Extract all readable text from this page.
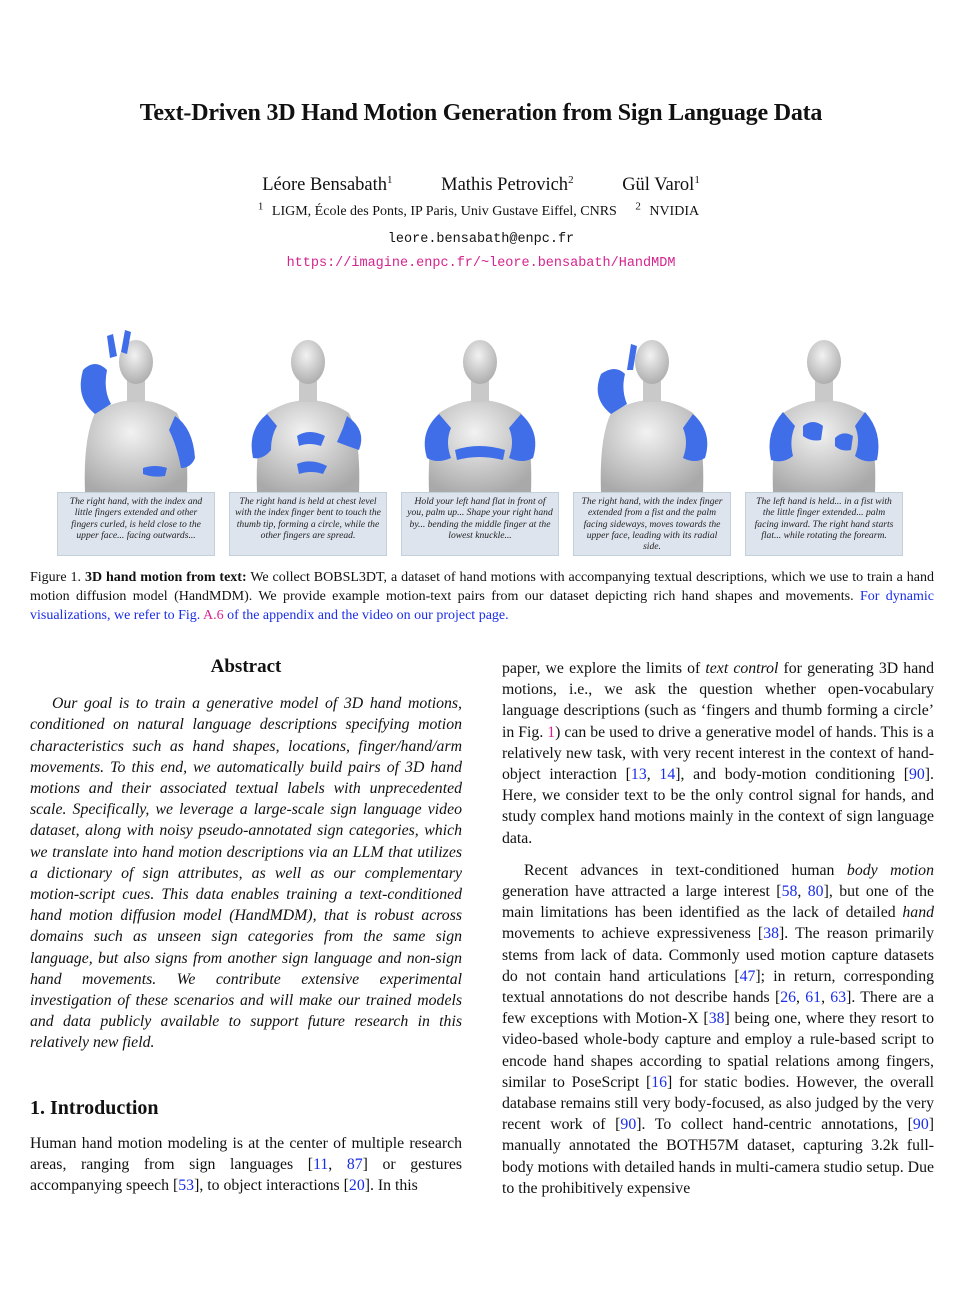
Text-Driven 3D Hand Motion Generation from Sign Language Data
Léore Bensabath$^1$	Mathis Petrovich$^2$	Gül Varol$^1$
$^1$ LIGM, École des Ponts, IP Paris, Univ Gustave Eiffel, CNRS $^2$ NVIDIA
leore.bensabath@enpc.fr
https://imagine.enpc.fr/~leore.bensabath/HandMDM
The right hand, with the index and little fingers extended and other fingers curled, is held close to the upper face... facing outwards...
The right hand is held at chest level with the index finger bent to touch the thumb tip, forming a circle, while the other fingers are spread.
Hold your left hand flat in front of you, palm up... Shape your right hand by... bending the middle finger at the lowest knuckle...
The right hand, with the index finger extended from a fist and the palm facing sideways, moves towards the upper face, leading with its radial side.
The left hand is held... in a fist with the little finger extended... palm facing inward. The right hand starts flat... while rotating the forearm.
Figure 1. 3D hand motion from text: We collect BOBSL3DT, a dataset of hand motions with accompanying textual descriptions, which we use to train a hand motion diffusion model (HandMDM). We provide example motion-text pairs from our dataset depicting rich hand shapes and movements. For dynamic visualizations, we refer to Fig. A.6 of the appendix and the video on our project page.
Abstract

Our goal is to train a generative model of 3D hand motions, conditioned on natural language descriptions specifying motion characteristics such as hand shapes, locations, finger/hand/arm movements. To this end, we automatically build pairs of 3D hand motions and their associated textual labels with unprecedented scale. Specifically, we leverage a large-scale sign language video dataset, along with noisy pseudo-annotated sign categories, which we translate into hand motion descriptions via an LLM that utilizes a dictionary of sign attributes, as well as our complementary motion-script cues. This data enables training a text-conditioned hand motion diffusion model (HandMDM), that is robust across domains such as unseen sign categories from the same sign language, but also signs from another sign language and non-sign hand movements. We contribute extensive experimental investigation of these scenarios and will make our trained models and data publicly available to support future research in this relatively new field.

1. Introduction

Human hand motion modeling is at the center of multiple research areas, ranging from sign languages [11, 87] or gestures accompanying speech [53], to object interactions [20]. In this

paper, we explore the limits of text control for generating 3D hand motions, i.e., we ask the question whether open-vocabulary language descriptions (such as ‘fingers and thumb forming a circle’ in Fig. 1) can be used to drive a generative model of hands. This is a relatively new task, with very recent interest in the context of hand-object interaction [13, 14], and body-motion conditioning [90]. Here, we consider text to be the only control signal for hands, and study complex hand motions mainly in the context of sign language data.

Recent advances in text-conditioned human body motion generation have attracted a large interest [58, 80], but one of the main limitations has been identified as the lack of detailed hand movements to achieve expressiveness [38]. The reason primarily stems from lack of data. Commonly used motion capture datasets do not contain hand articulations [47]; in return, corresponding textual annotations do not describe hands [26, 61, 63]. There are a few exceptions with Motion-X [38] being one, where they resort to video-based whole-body capture and employ a rule-based script to encode hand shapes according to spatial relations among fingers, similar to PoseScript [16] for static bodies. However, the overall database remains still very body-focused, as also judged by the very recent work of [90]. To collect hand-centric annotations, [90] manually annotated the BOTH57M dataset, capturing 3.2k full-body motions with detailed hands in multi-camera studio setup. Due to the prohibitively expensive
